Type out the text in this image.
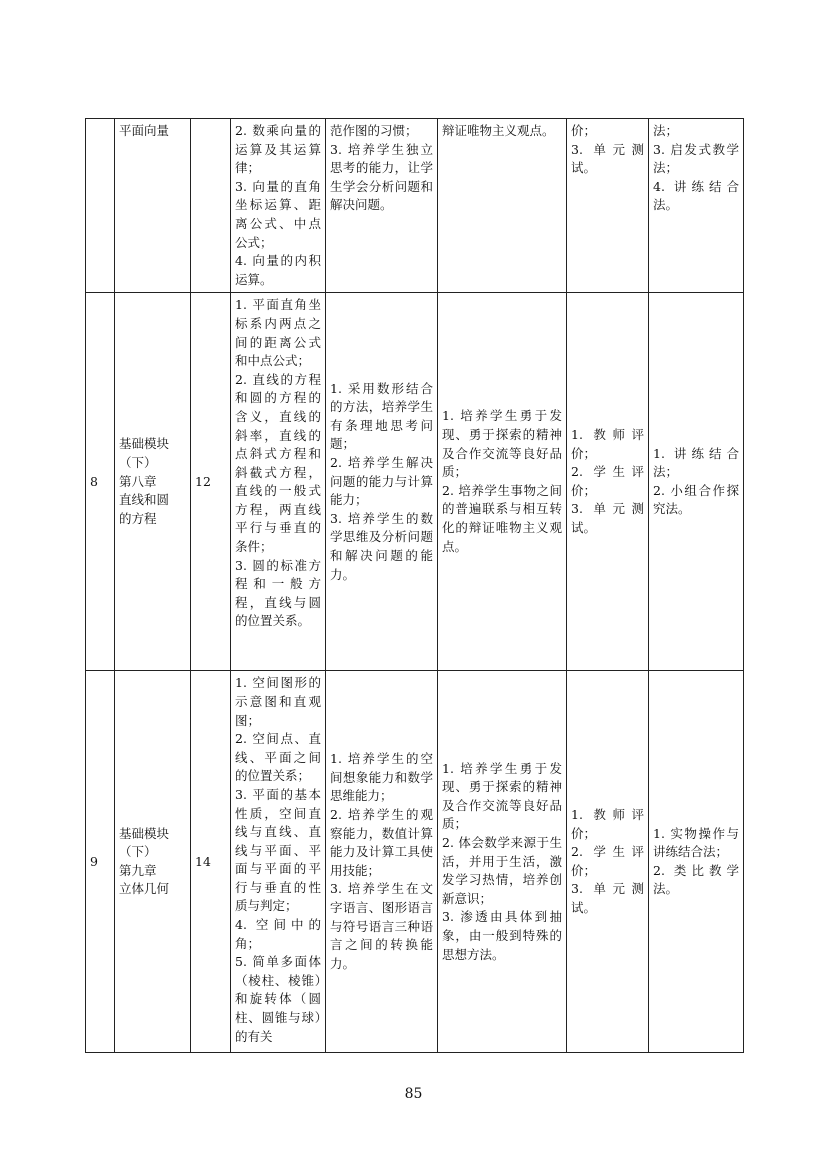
	平面向量		2. 数乘向量的运算及其运算律；
3. 向量的直角坐标运算、距离公式、中点公式；
4. 向量的内积运算。	范作图的习惯；
3. 培养学生独立思考的能力，让学生学会分析问题和解决问题。	辩证唯物主义观点。	价；
3. 单元测试。	法；
3. 启发式教学法；
4. 讲练结合法。

8	基础模块
（下）
第八章
直线和圆
的方程	12	1. 平面直角坐标系内两点之间的距离公式和中点公式；
2. 直线的方程和圆的方程的含义，直线的斜率，直线的点斜式方程和斜截式方程，直线的一般式方程，两直线平行与垂直的条件；
3. 圆的标准方程和一般方程，直线与圆的位置关系。	1. 采用数形结合的方法，培养学生有条理地思考问题；
2. 培养学生解决问题的能力与计算能力；
3. 培养学生的数学思维及分析问题和解决问题的能力。	1. 培养学生勇于发现、勇于探索的精神及合作交流等良好品质；
2. 培养学生事物之间的普遍联系与相互转化的辩证唯物主义观点。	1. 教师评价；
2. 学生评价；
3. 单元测试。	1. 讲练结合法；
2. 小组合作探究法。

9	基础模块
（下）
第九章
立体几何	14	1. 空间图形的示意图和直观图；
2. 空间点、直线、平面之间的位置关系；
3. 平面的基本性质，空间直线与直线、直线与平面、平面与平面的平行与垂直的性质与判定；
4. 空间中的角；
5. 简单多面体（棱柱、棱锥）和旋转体（圆柱、圆锥与球）的有关	1. 培养学生的空间想象能力和数学思维能力；
2. 培养学生的观察能力，数值计算能力及计算工具使用技能；
3. 培养学生在文字语言、图形语言与符号语言三种语言之间的转换能力。	1. 培养学生勇于发现、勇于探索的精神及合作交流等良好品质；
2. 体会数学来源于生活，并用于生活，激发学习热情，培养创新意识；
3. 渗透由具体到抽象，由一般到特殊的思想方法。	1. 教师评价；
2. 学生评价；
3. 单元测试。	1. 实物操作与讲练结合法；
2. 类比教学法。
85
